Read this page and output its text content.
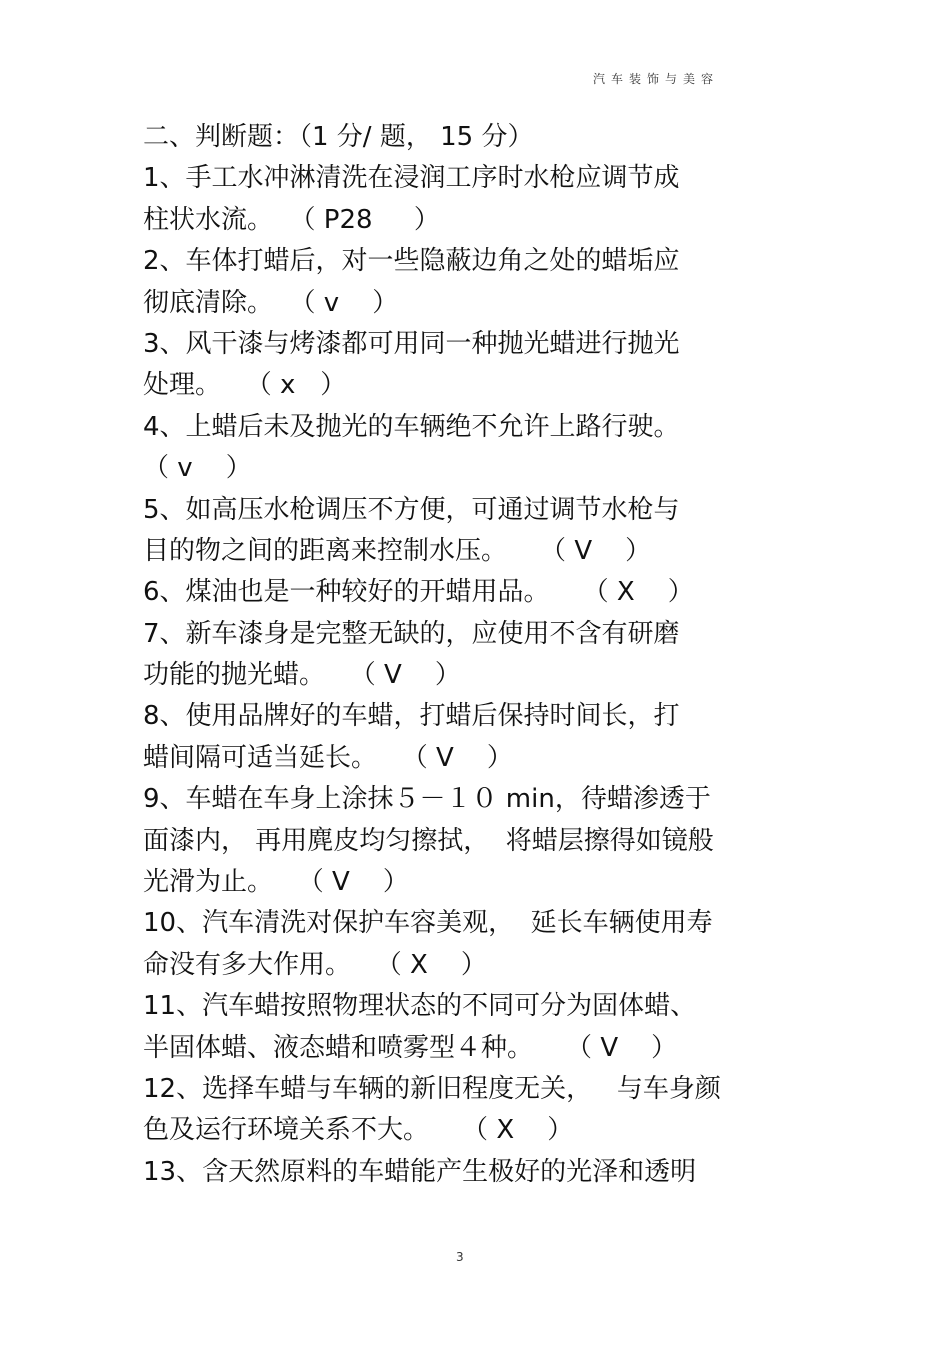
汽车装饰与美容
二、判断题：（1 分/ 题， 15 分）
1、手工水冲淋清洗在浸润工序时水枪应调节成
柱状水流。  （ P28     ）
2、车体打蜡后，对一些隐蔽边角之处的蜡垢应
彻底清除。  （ v    ）
3、风干漆与烤漆都可用同一种抛光蜡进行抛光
处理。   （ x   ）
4、上蜡后未及抛光的车辆绝不允许上路行驶。
（ v    ）
5、如高压水枪调压不方便，可通过调节水枪与
目的物之间的距离来控制水压。    （ V    ）
6、煤油也是一种较好的开蜡用品。    （ X    ）
7、新车漆身是完整无缺的，应使用不含有研磨
功能的抛光蜡。   （ V    ）
8、使用品牌好的车蜡，打蜡后保持时间长，打
蜡间隔可适当延长。   （ V    ）
9、车蜡在车身上涂抹５－１０ min，待蜡渗透于
面漆内， 再用麂皮均匀擦拭，  将蜡层擦得如镜般
光滑为止。   （ V    ）
10、汽车清洗对保护车容美观，  延长车辆使用寿
命没有多大作用。   （ X    ）
11、汽车蜡按照物理状态的不同可分为固体蜡、
半固体蜡、液态蜡和喷雾型４种。    （ V    ）
12、选择车蜡与车辆的新旧程度无关，   与车身颜
色及运行环境关系不大。    （ X    ）
13、含天然原料的车蜡能产生极好的光泽和透明
3
